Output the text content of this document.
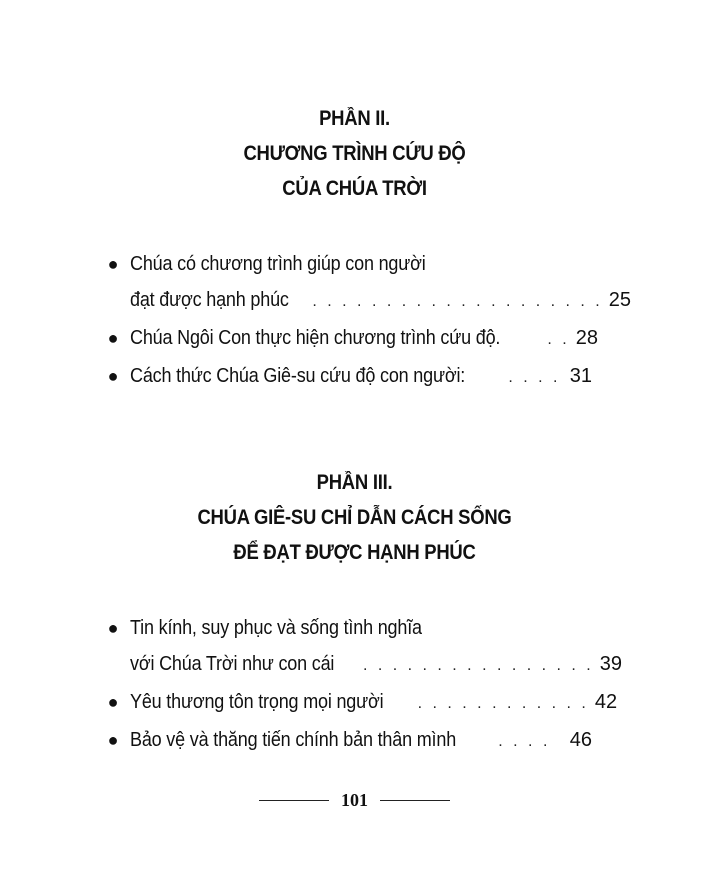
PHẦN II.
CHƯƠNG TRÌNH CỨU ĐỘ
CỦA CHÚA TRỜI
● Chúa có chương trình giúp con người
đạt được hạnh phúc	. . . . . . . . . . . . . . . . . . . . 25
● Chúa Ngôi Con thực hiện chương trình cứu độ.	. . 28
● Cách thức Chúa Giê-su cứu độ con người:	. . . . 31
PHẦN III.
CHÚA GIÊ-SU CHỈ DẪN CÁCH SỐNG
ĐỂ ĐẠT ĐƯỢC HẠNH PHÚC
● Tin kính, suy phục và sống tình nghĩa
với Chúa Trời như con cái	. . . . . . . . . . . . . . . . 39
● Yêu thương tôn trọng mọi người	. . . . . . . . . . . . 42
● Bảo vệ và thăng tiến chính bản thân mình	. . . . 46
101
